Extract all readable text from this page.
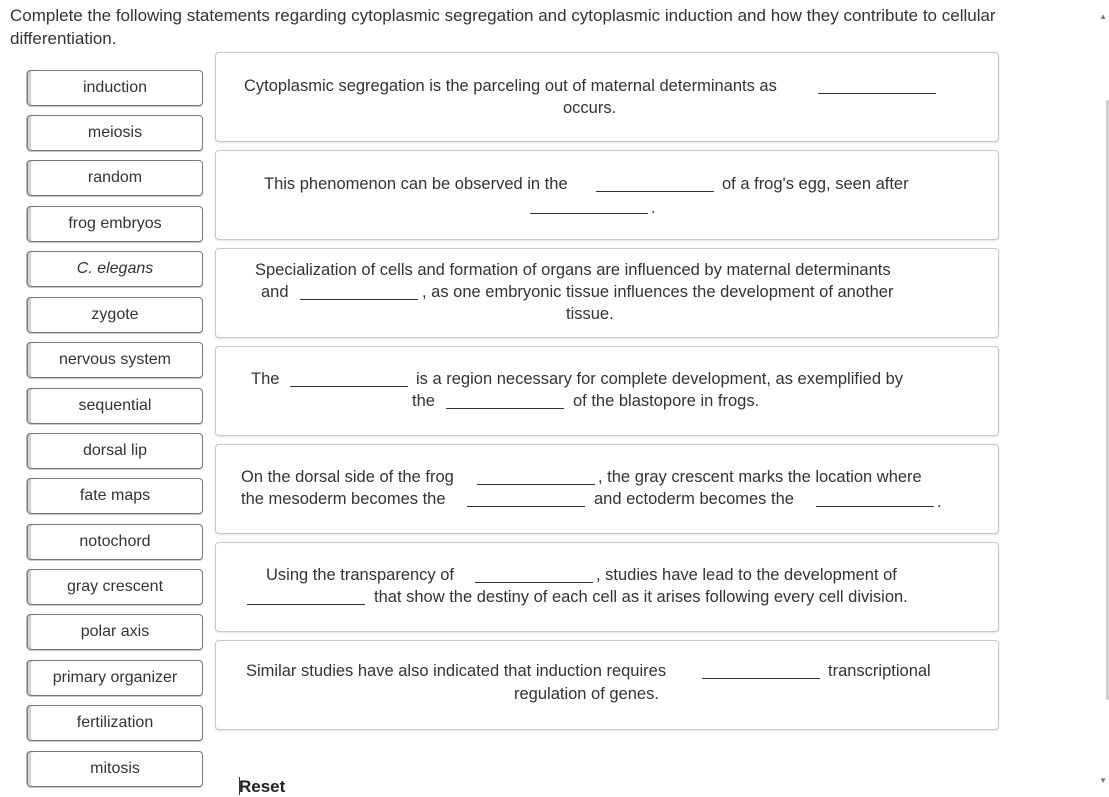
Complete the following statements regarding cytoplasmic segregation and cytoplasmic induction and how they contribute to cellular differentiation.
induction
meiosis
random
frog embryos
C. elegans
zygote
nervous system
sequential
dorsal lip
fate maps
notochord
gray crescent
polar axis
primary organizer
fertilization
mitosis
Cytoplasmic segregation is the parceling out of maternal determinants as
occurs.
This phenomenon can be observed in the	of a frog's egg, seen after
.
Specialization of cells and formation of organs are influenced by maternal determinants
and	, as one embryonic tissue influences the development of another
tissue.
The	is a region necessary for complete development, as exemplified by
the	of the blastopore in frogs.
On the dorsal side of the frog	, the gray crescent marks the location where
the mesoderm becomes the	and ectoderm becomes the	.
Using the transparency of	, studies have lead to the development of
that show the destiny of each cell as it arises following every cell division.
Similar studies have also indicated that induction requires	transcriptional
regulation of genes.
Reset
▲
▼
